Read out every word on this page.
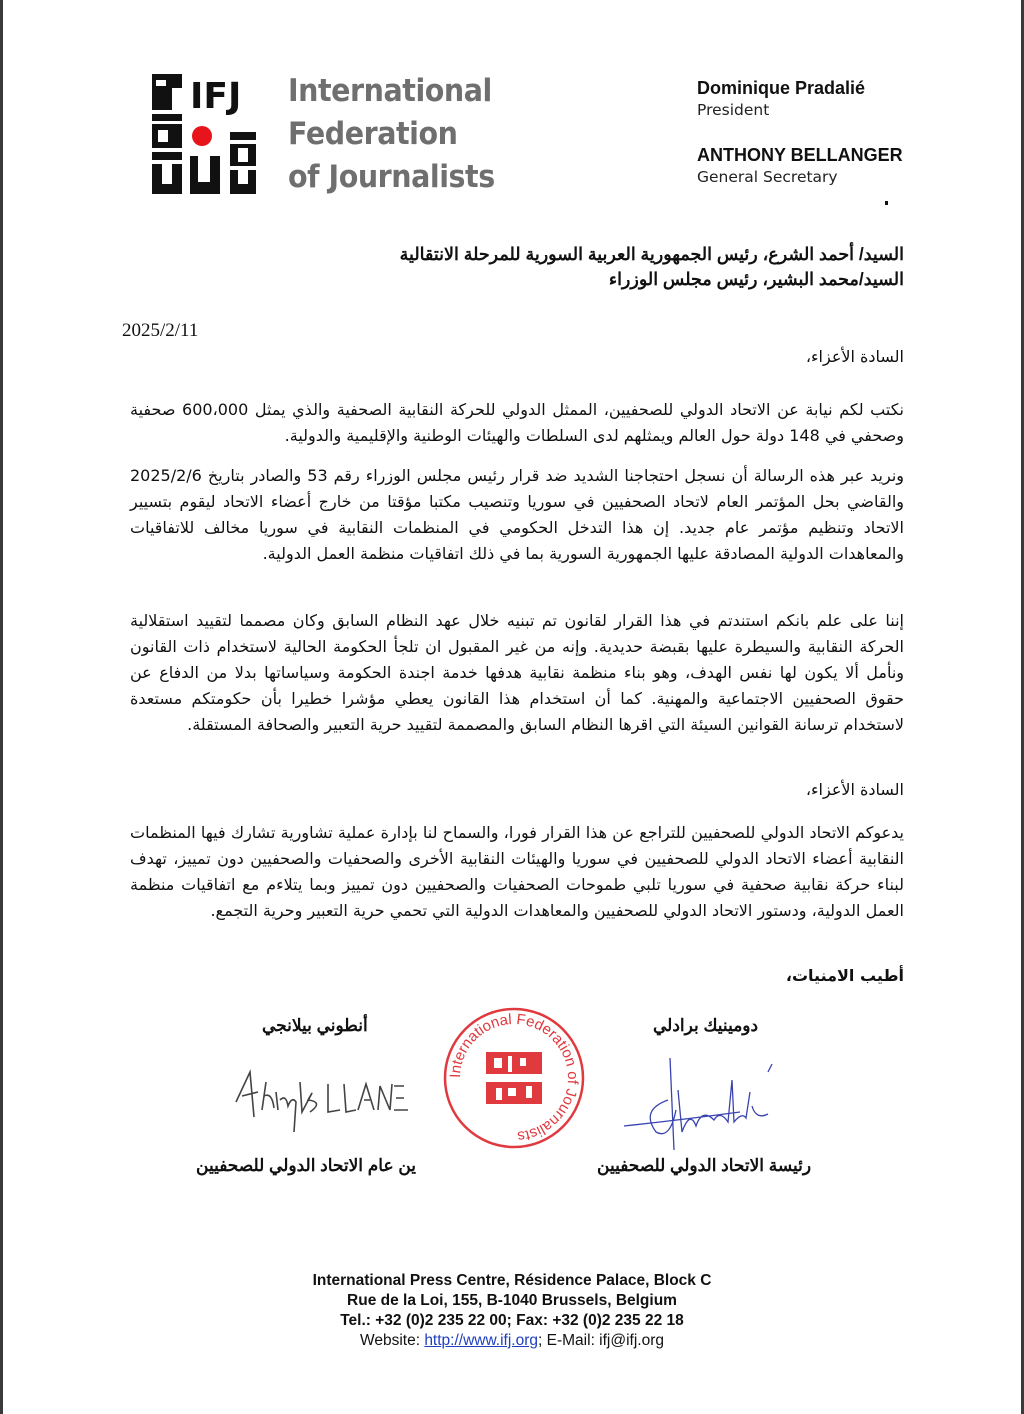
IFJ International
Federation
of Journalists
Dominique Pradalié
President
ANTHONY BELLANGER
General Secretary
السيد/ أحمد الشرع، رئيس الجمهورية العربية السورية للمرحلة الانتقالية
السيد/محمد البشير، رئيس مجلس الوزراء
2025/2/11
السادة الأعزاء،

نكتب لكم نيابة عن الاتحاد الدولي للصحفيين، الممثل الدولي للحركة النقابية الصحفية والذي يمثل 600،000 صحفية وصحفي في 148 دولة حول العالم ويمثلهم لدى السلطات والهيئات الوطنية والإقليمية والدولية.

ونريد عبر هذه الرسالة أن نسجل احتجاجنا الشديد ضد قرار رئيس مجلس الوزراء رقم 53 والصادر بتاريخ 2025/2/6 والقاضي بحل المؤتمر العام لاتحاد الصحفيين في سوريا وتنصيب مكتبا مؤقتا من خارج أعضاء الاتحاد ليقوم بتسيير الاتحاد وتنظيم مؤتمر عام جديد. إن هذا التدخل الحكومي في المنظمات النقابية في سوريا مخالف للاتفاقيات والمعاهدات الدولية المصادقة عليها الجمهورية السورية بما في ذلك اتفاقيات منظمة العمل الدولية.

إننا على علم بانكم استندتم في هذا القرار لقانون تم تبنيه خلال عهد النظام السابق وكان مصمما لتقييد استقلالية الحركة النقابية والسيطرة عليها بقبضة حديدية. وإنه من غير المقبول ان تلجأ الحكومة الحالية لاستخدام ذات القانون ونأمل ألا يكون لها نفس الهدف، وهو بناء منظمة نقابية هدفها خدمة اجندة الحكومة وسياساتها بدلا من الدفاع عن حقوق الصحفيين الاجتماعية والمهنية. كما أن استخدام هذا القانون يعطي مؤشرا خطيرا بأن حكومتكم مستعدة لاستخدام ترسانة القوانين السيئة التي اقرها النظام السابق والمصممة لتقييد حرية التعبير والصحافة المستقلة.

السادة الأعزاء،

يدعوكم الاتحاد الدولي للصحفيين للتراجع عن هذا القرار فورا، والسماح لنا بإدارة عملية تشاورية تشارك فيها المنظمات النقابية أعضاء الاتحاد الدولي للصحفيين في سوريا والهيئات النقابية الأخرى والصحفيات والصحفيين دون تمييز، تهدف لبناء حركة نقابية صحفية في سوريا تلبي طموحات الصحفيات والصحفيين دون تمييز وبما يتلاءم مع اتفاقيات منظمة العمل الدولية، ودستور الاتحاد الدولي للصحفيين والمعاهدات الدولية التي تحمي حرية التعبير وحرية التجمع.

أطيب الامنيات،
أنطوني بيلانجي	دومينيك برادلي
International Federation of Journalists
ين عام الاتحاد الدولي للصحفيين	رئيسة الاتحاد الدولي للصحفيين
International Press Centre, Résidence Palace, Block C
Rue de la Loi, 155, B-1040 Brussels, Belgium
Tel.: +32 (0)2 235 22 00; Fax: +32 (0)2 235 22 18
Website: http://www.ifj.org; E-Mail: ifj@ifj.org
